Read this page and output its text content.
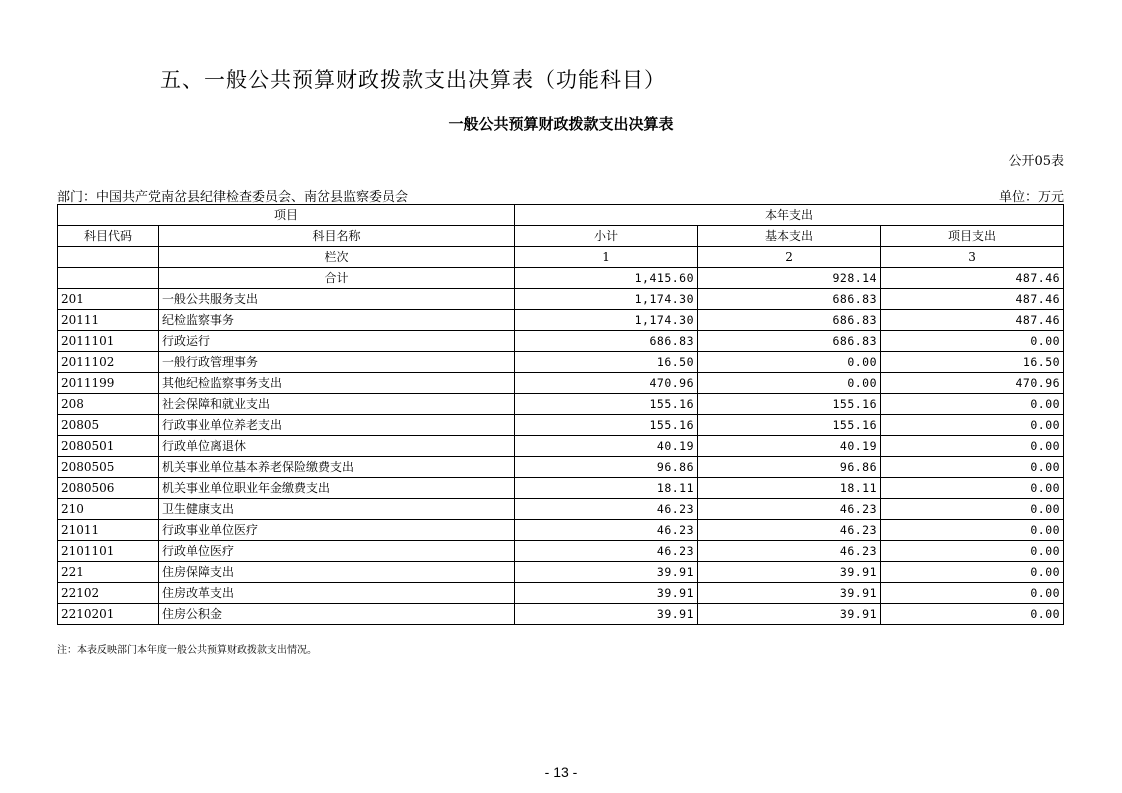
五、一般公共预算财政拨款支出决算表（功能科目）
一般公共预算财政拨款支出决算表
公开05表
部门：中国共产党南岔县纪律检查委员会、南岔县监察委员会	单位：万元
项目		本年支出		
科目代码	科目名称	小计	基本支出	项目支出
	栏次	1	2	3
	合计	1,415.60	928.14	487.46
201	一般公共服务支出	1,174.30	686.83	487.46
20111	纪检监察事务	1,174.30	686.83	487.46
2011101	行政运行	686.83	686.83	0.00
2011102	一般行政管理事务	16.50	0.00	16.50
2011199	其他纪检监察事务支出	470.96	0.00	470.96
208	社会保障和就业支出	155.16	155.16	0.00
20805	行政事业单位养老支出	155.16	155.16	0.00
2080501	行政单位离退休	40.19	40.19	0.00
2080505	机关事业单位基本养老保险缴费支出	96.86	96.86	0.00
2080506	机关事业单位职业年金缴费支出	18.11	18.11	0.00
210	卫生健康支出	46.23	46.23	0.00
21011	行政事业单位医疗	46.23	46.23	0.00
2101101	行政单位医疗	46.23	46.23	0.00
221	住房保障支出	39.91	39.91	0.00
22102	住房改革支出	39.91	39.91	0.00
2210201	住房公积金	39.91	39.91	0.00
注：本表反映部门本年度一般公共预算财政拨款支出情况。
- 13 -
